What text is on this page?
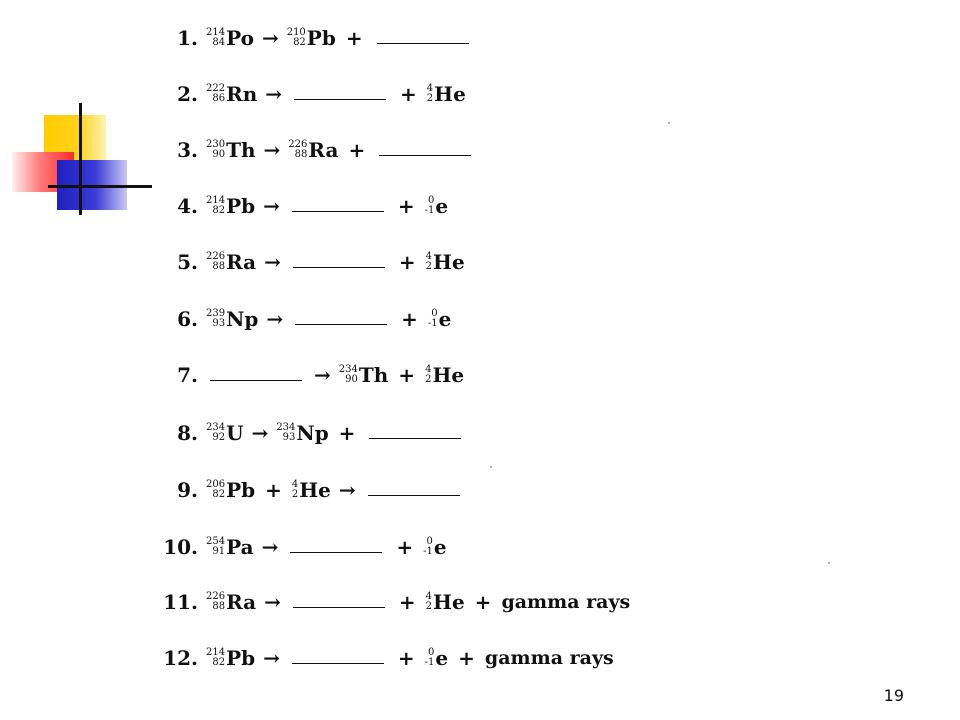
1. 214
84 Po → 210
82 Pb +
2. 222
86 Rn →	+ 4
2 He
3. 230
90 Th → 226
88 Ra +
4. 214
82 Pb →	+ 0
-1 e
5. 226
88 Ra →	+ 4
2 He
6. 239
93 Np →	+ 0
-1 e
7.	→ 234
90 Th + 4
2 He
8. 234
92 U → 234
93 Np +
9. 206
82 Pb + 4
2 He →
10. 254
91 Pa →	+ 0
-1 e
11. 226
88 Ra →	+ 4
2 He + gamma rays
12. 214
82 Pb →	+ 0
-1 e + gamma rays
19
